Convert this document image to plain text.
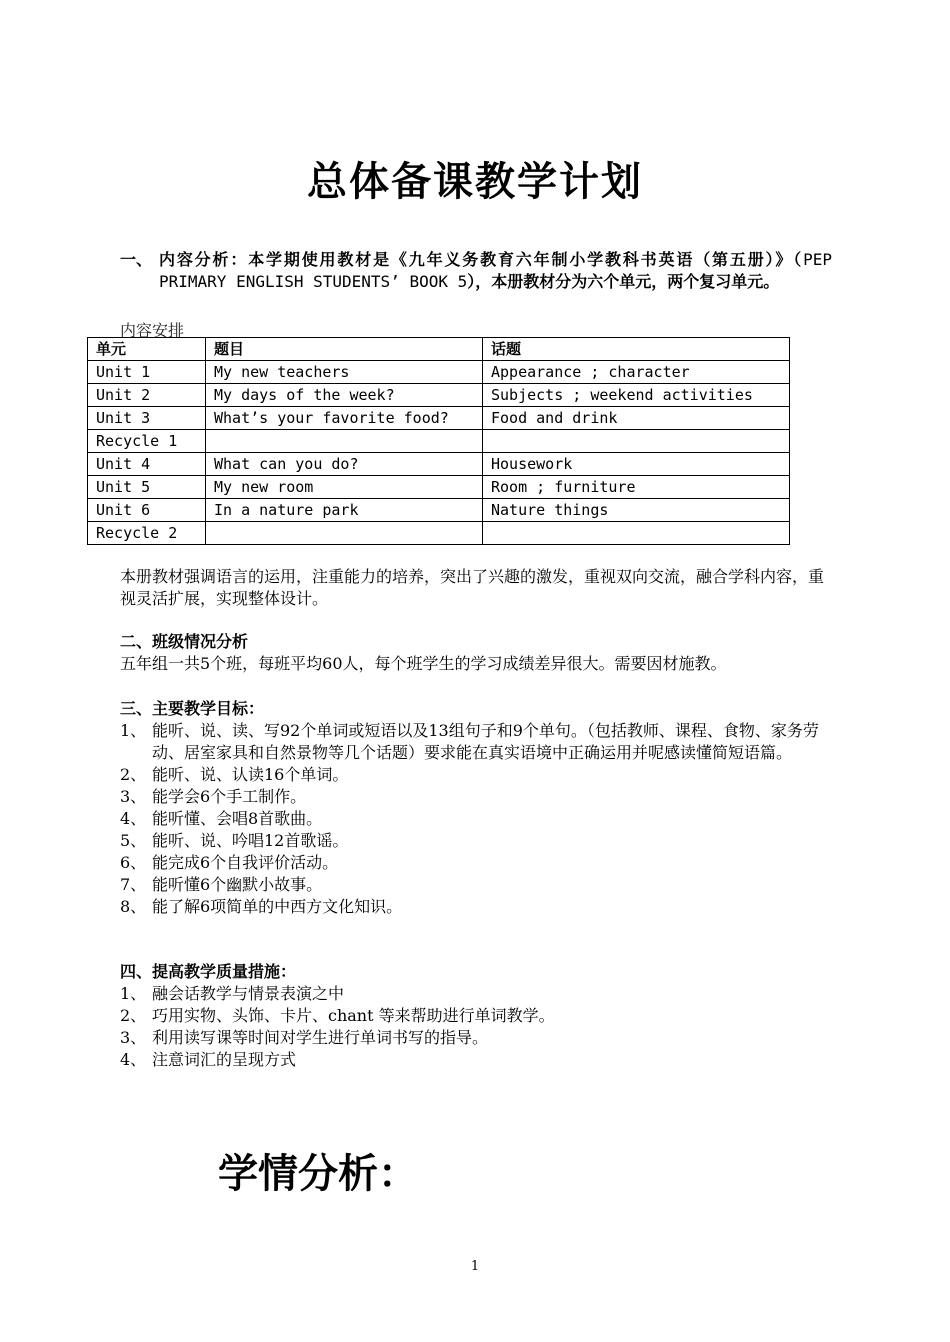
总体备课教学计划
一、 内容分析：本学期使用教材是《九年义务教育六年制小学教科书英语（第五册）》（PEP PRIMARY ENGLISH STUDENTS’ BOOK 5），本册教材分为六个单元，两个复习单元。
内容安排
单元	题目	话题
Unit 1	My new teachers	Appearance ; character
Unit 2	My days of the week?	Subjects ; weekend activities
Unit 3	What’s your favorite food?	Food and drink
Recycle 1		
Unit 4	What can you do?	Housework
Unit 5	My new room	Room ; furniture
Unit 6	In a nature park	Nature things
Recycle 2		
本册教材强调语言的运用，注重能力的培养，突出了兴趣的激发，重视双向交流，融合学科内容，重视灵活扩展，实现整体设计。
二、班级情况分析
五年组一共5个班，每班平均60人，每个班学生的学习成绩差异很大。需要因材施教。
三、主要教学目标：
1、 能听、说、读、写92个单词或短语以及13组句子和9个单句。（包括教师、课程、食物、家务劳动、居室家具和自然景物等几个话题）要求能在真实语境中正确运用并呢感读懂简短语篇。
2、 能听、说、认读16个单词。
3、 能学会6个手工制作。
4、 能听懂、会唱8首歌曲。
5、 能听、说、吟唱12首歌谣。
6、 能完成6个自我评价活动。
7、 能听懂6个幽默小故事。
8、 能了解6项简单的中西方文化知识。
四、提高教学质量措施：
1、 融会话教学与情景表演之中
2、 巧用实物、头饰、卡片、chant 等来帮助进行单词教学。
3、 利用读写课等时间对学生进行单词书写的指导。
4、 注意词汇的呈现方式
学情分析：
1
